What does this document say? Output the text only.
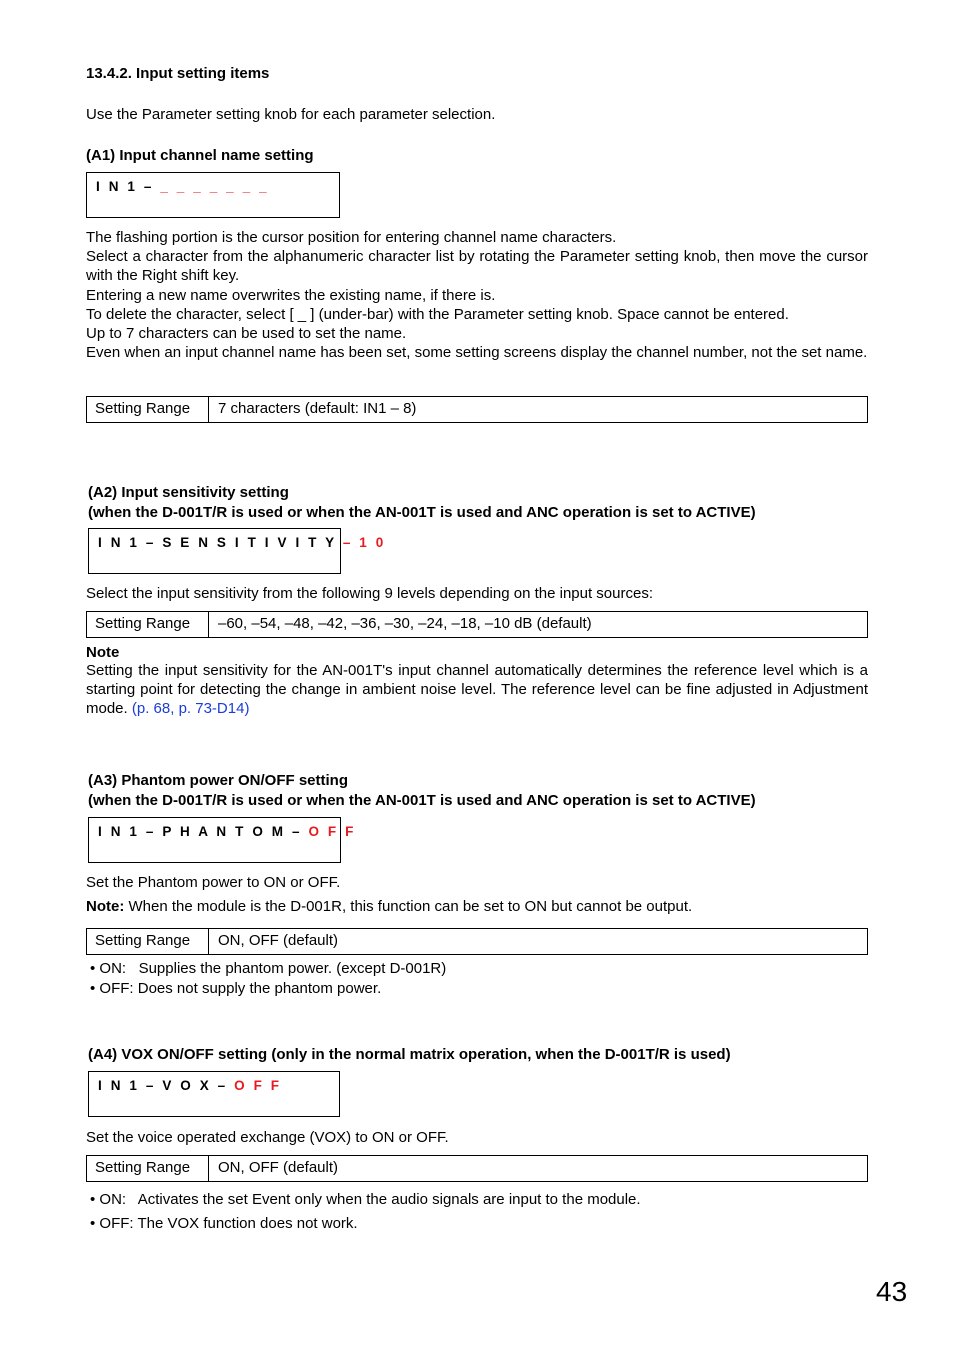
13.4.2. Input setting items
Use the Parameter setting knob for each parameter selection.
(A1) Input channel name setting
I N 1 – _ _ _ _ _ _ _
The flashing portion is the cursor position for entering channel name characters.
Select a character from the alphanumeric character list by rotating the Parameter setting knob, then move the cursor with the Right shift key.
Entering a new name overwrites the existing name, if there is.
To delete the character, select [ _ ] (under-bar) with the Parameter setting knob. Space cannot be entered.
Up to 7 characters can be used to set the name.
Even when an input channel name has been set, some setting screens display the channel number, not the set name.
Setting Range	7 characters (default: IN1 – 8)
(A2) Input sensitivity setting
(when the D-001T/R is used or when the AN-001T is used and ANC operation is set to ACTIVE)
I N 1 – S E N S I T I V I T Y – 1 0
Select the input sensitivity from the following 9 levels depending on the input sources:
Setting Range	–60, –54, –48, –42, –36, –30, –24, –18, –10 dB (default)
Note
Setting the input sensitivity for the AN-001T's input channel automatically determines the reference level which is a starting point for detecting the change in ambient noise level. The reference level can be fine adjusted in Adjustment mode. (p. 68, p. 73-D14)
(A3) Phantom power ON/OFF setting
(when the D-001T/R is used or when the AN-001T is used and ANC operation is set to ACTIVE)
I N 1 – P H A N T O M – O F F
Set the Phantom power to ON or OFF.
Note: When the module is the D-001R, this function can be set to ON but cannot be output.
Setting Range	ON, OFF (default)
• ON:   Supplies the phantom power. (except D-001R)
• OFF: Does not supply the phantom power.
(A4) VOX ON/OFF setting (only in the normal matrix operation, when the D-001T/R is used)
I N 1 – V O X – O F F
Set the voice operated exchange (VOX) to ON or OFF.
Setting Range	ON, OFF (default)
• ON:   Activates the set Event only when the audio signals are input to the module.
• OFF: The VOX function does not work.
43
